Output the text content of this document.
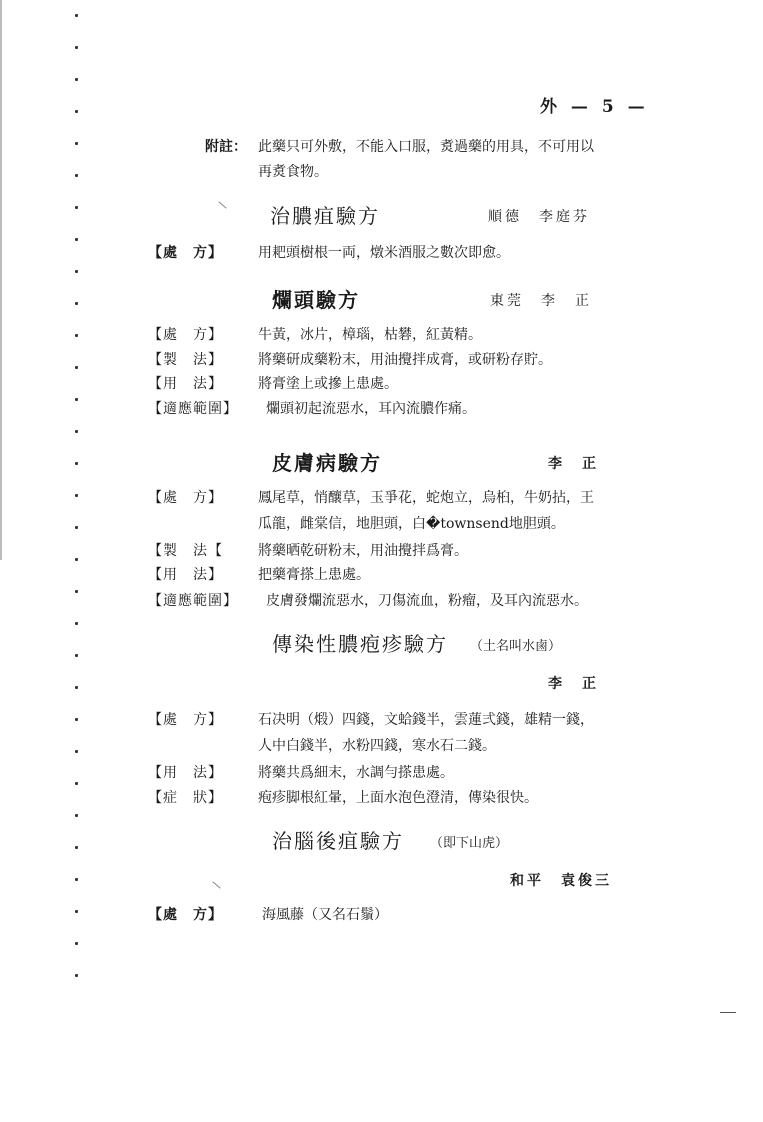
外 — 5 —
附註： 此藥只可外敷，不能入口服，煑過藥的用具，不可用以
再煑食物。
治膿疽驗方	順德　李庭芬
【處　方】	用耙頭樹根一両，燉米酒服之數次即愈。
爛頭驗方	東莞　李　正
【處　方】	牛黃，冰片，樟瑙，枯礬，紅黃精。
【製　法】	將藥研成藥粉末，用油攪拌成膏，或研粉存貯。
【用　法】	將膏塗上或摻上患處。
【適應範圍】 爛頭初起流惡水，耳內流膿作痛。
皮膚病驗方	李　正
【處　方】	鳳尾草，悄釀草，玉爭花，蛇炮立，烏桕，牛奶拈，王
瓜龍，雌棠信，地胆頭，白�townsend地胆頭。
【製　法【	將藥晒乾研粉末，用油攪拌爲膏。
【用　法】	把藥膏搽上患處。
【適應範圍】 皮膚發爛流惡水，刀傷流血，粉瘤，及耳內流惡水。
傳染性膿疱疹驗方 （土名叫水鹵）
李　正
【處　方】	石决明（煅）四錢，文蛤錢半，雲蓮弍錢，雄精一錢，
人中白錢半，水粉四錢，寒水石二錢。
【用　法】	將藥共爲細末，水調勻搽患處。
【症　狀】	疱疹脚根紅暈，上面水泡色澄清，傳染很快。
治腦後疽驗方 （即下山虎）
和平　袁俊三
【處　方】	海風藤（又名石鬚）
